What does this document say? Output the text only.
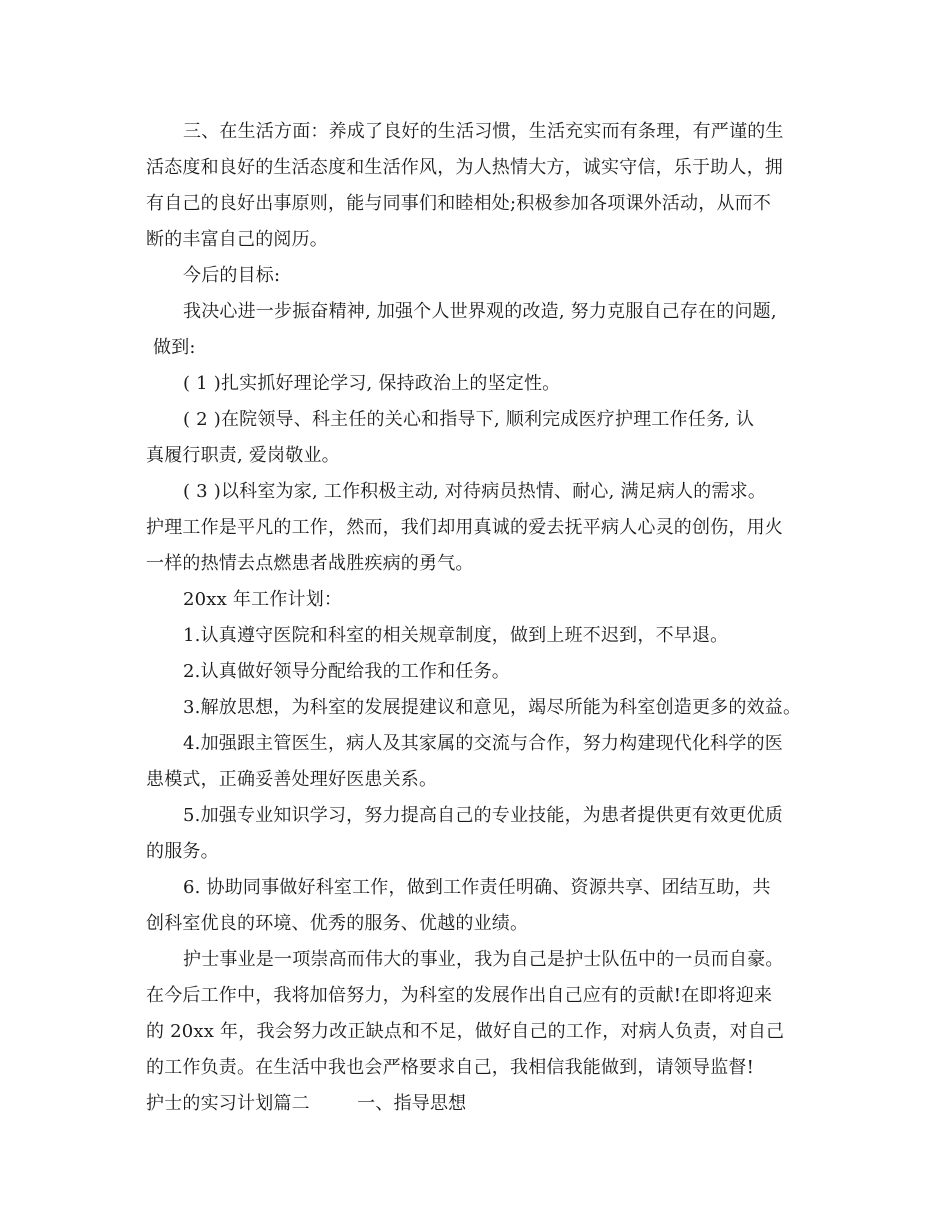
三、在生活方面：养成了良好的生活习惯，生活充实而有条理，有严谨的生
活态度和良好的生活态度和生活作风，为人热情大方，诚实守信，乐于助人，拥
有自己的良好出事原则，能与同事们和睦相处;积极参加各项课外活动，从而不
断的丰富自己的阅历。
今后的目标:
我决心进一步振奋精神, 加强个人世界观的改造, 努力克服自己存在的问题,
做到:
( 1 )扎实抓好理论学习, 保持政治上的坚定性。
( 2 )在院领导、科主任的关心和指导下, 顺利完成医疗护理工作任务, 认
真履行职责, 爱岗敬业。
( 3 )以科室为家, 工作积极主动, 对待病员热情、耐心, 满足病人的需求。
护理工作是平凡的工作，然而，我们却用真诚的爱去抚平病人心灵的创伤，用火
一样的热情去点燃患者战胜疾病的勇气。
20xx 年工作计划：
1.认真遵守医院和科室的相关规章制度，做到上班不迟到，不早退。
2.认真做好领导分配给我的工作和任务。
3.解放思想，为科室的发展提建议和意见，竭尽所能为科室创造更多的效益。
4.加强跟主管医生，病人及其家属的交流与合作，努力构建现代化科学的医
患模式，正确妥善处理好医患关系。
5.加强专业知识学习，努力提高自己的专业技能，为患者提供更有效更优质
的服务。
6. 协助同事做好科室工作，做到工作责任明确、资源共享、团结互助，共
创科室优良的环境、优秀的服务、优越的业绩。
护士事业是一项崇高而伟大的事业，我为自己是护士队伍中的一员而自豪。
在今后工作中，我将加倍努力，为科室的发展作出自己应有的贡献!在即将迎来
的 20xx 年，我会努力改正缺点和不足，做好自己的工作，对病人负责，对自己
的工作负责。在生活中我也会严格要求自己，我相信我能做到，请领导监督!
护士的实习计划篇二        一、指导思想
